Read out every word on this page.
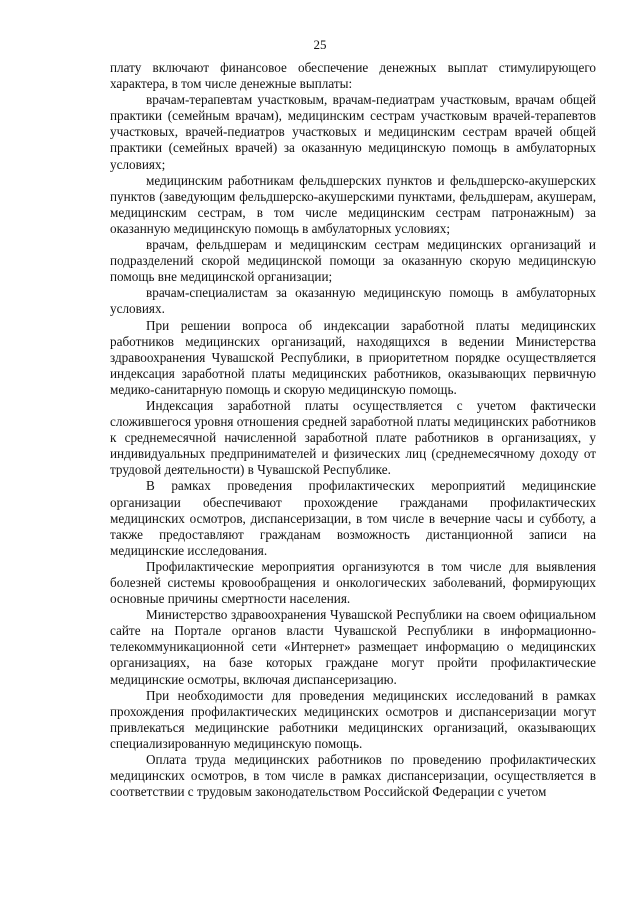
25

плату включают финансовое обеспечение денежных выплат стимулирующего характера, в том числе денежные выплаты:

врачам-терапевтам участковым, врачам-педиатрам участковым, врачам общей практики (семейным врачам), медицинским сестрам участковым врачей-терапевтов участковых, врачей-педиатров участковых и медицинским сестрам врачей общей практики (семейных врачей) за оказанную медицинскую помощь в амбулаторных условиях;

медицинским работникам фельдшерских пунктов и фельдшерско-акушерских пунктов (заведующим фельдшерско-акушерскими пунктами, фельдшерам, акушерам, медицинским сестрам, в том числе медицинским сестрам патронажным) за оказанную медицинскую помощь в амбулаторных условиях;

врачам, фельдшерам и медицинским сестрам медицинских организаций и подразделений скорой медицинской помощи за оказанную скорую медицинскую помощь вне медицинской организации;

врачам-специалистам за оказанную медицинскую помощь в амбулаторных условиях.

При решении вопроса об индексации заработной платы медицинских работников медицинских организаций, находящихся в ведении Министерства здравоохранения Чувашской Республики, в приоритетном порядке осуществляется индексация заработной платы медицинских работников, оказывающих первичную медико-санитарную помощь и скорую медицинскую помощь.

Индексация заработной платы осуществляется с учетом фактически сложившегося уровня отношения средней заработной платы медицинских работников к среднемесячной начисленной заработной плате работников в организациях, у индивидуальных предпринимателей и физических лиц (среднемесячному доходу от трудовой деятельности) в Чувашской Республике.

В рамках проведения профилактических мероприятий медицинские организации обеспечивают прохождение гражданами профилактических медицинских осмотров, диспансеризации, в том числе в вечерние часы и субботу, а также предоставляют гражданам возможность дистанционной записи на медицинские исследования.

Профилактические мероприятия организуются в том числе для выявления болезней системы кровообращения и онкологических заболеваний, формирующих основные причины смертности населения.

Министерство здравоохранения Чувашской Республики на своем официальном сайте на Портале органов власти Чувашской Республики в информационно-телекоммуникационной сети «Интернет» размещает информацию о медицинских организациях, на базе которых граждане могут пройти профилактические медицинские осмотры, включая диспансеризацию.

При необходимости для проведения медицинских исследований в рамках прохождения профилактических медицинских осмотров и диспансеризации могут привлекаться медицинские работники медицинских организаций, оказывающих специализированную медицинскую помощь.

Оплата труда медицинских работников по проведению профилактических медицинских осмотров, в том числе в рамках диспансеризации, осуществляется в соответствии с трудовым законодательством Российской Федерации с учетом
